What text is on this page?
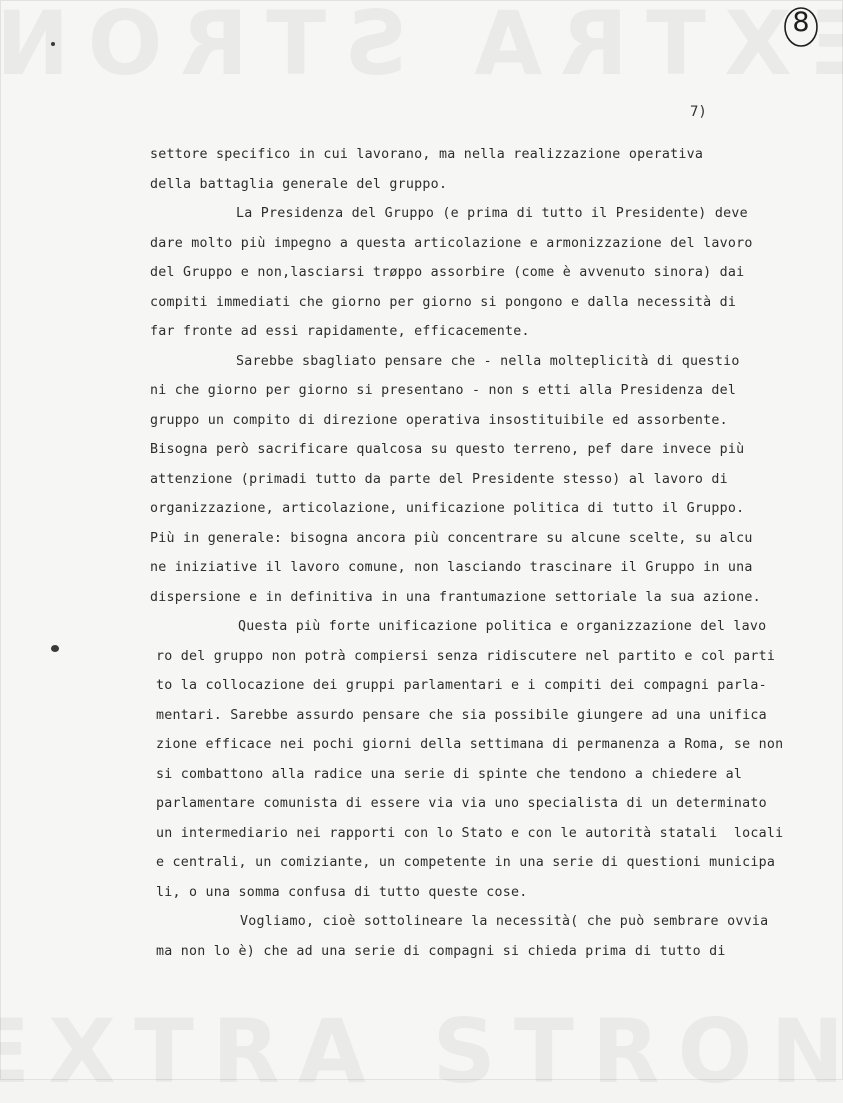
8
7)
settore specifico in cui lavorano, ma nella realizzazione operativa
della battaglia generale del gruppo.
La Presidenza del Gruppo (e prima di tutto il Presidente) deve
dare molto più impegno a questa articolazione e armonizzazione del lavoro
del Gruppo e non,lasciarsi trøppo assorbire (come è avvenuto sinora) dai
compiti immediati che giorno per giorno si pongono e dalla necessità di
far fronte ad essi rapidamente, efficacemente.
Sarebbe sbagliato pensare che - nella molteplicità di questio
ni che giorno per giorno si presentano - non s etti alla Presidenza del
gruppo un compito di direzione operativa insostituibile ed assorbente.
Bisogna però sacrificare qualcosa su questo terreno, pef dare invece più
attenzione (primadi tutto da parte del Presidente stesso) al lavoro di
organizzazione, articolazione, unificazione politica di tutto il Gruppo.
Più in generale: bisogna ancora più concentrare su alcune scelte, su alcu
ne iniziative il lavoro comune, non lasciando trascinare il Gruppo in una
dispersione e in definitiva in una frantumazione settoriale la sua azione.
Questa più forte unificazione politica e organizzazione del lavo
ro del gruppo non potrà compiersi senza ridiscutere nel partito e col parti
to la collocazione dei gruppi parlamentari e i compiti dei compagni parla-
mentari. Sarebbe assurdo pensare che sia possibile giungere ad una unifica
zione efficace nei pochi giorni della settimana di permanenza a Roma, se non
si combattono alla radice una serie di spinte che tendono a chiedere al
parlamentare comunista di essere via via uno specialista di un determinato
un intermediario nei rapporti con lo Stato e con le autorità statali  locali
e centrali, un comiziante, un competente in una serie di questioni municipa
li, o una somma confusa di tutto queste cose.
Vogliamo, cioè sottolineare la necessità( che può sembrare ovvia
ma non lo è) che ad una serie di compagni si chieda prima di tutto di
